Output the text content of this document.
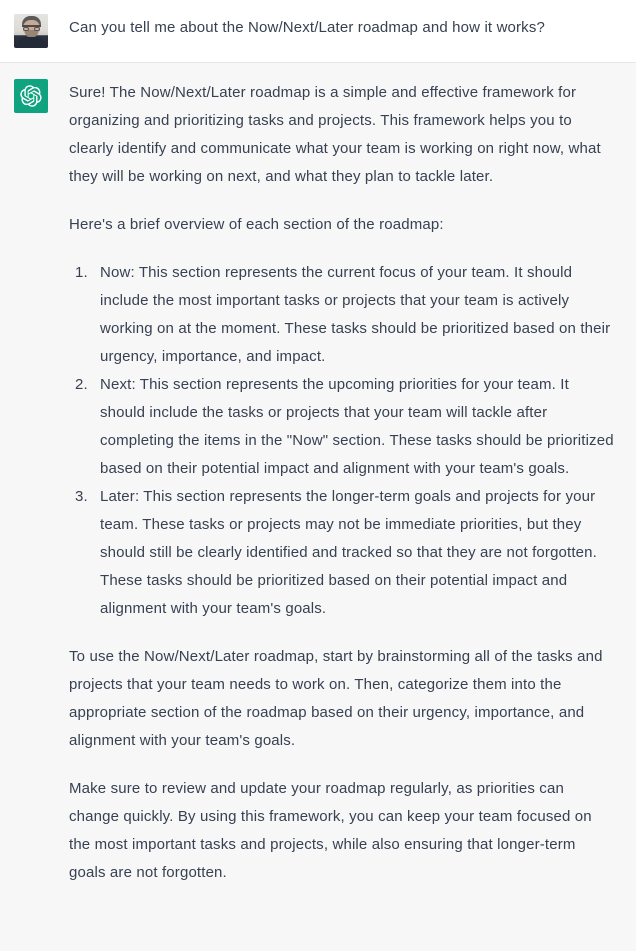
Can you tell me about the Now/Next/Later roadmap and how it works?

Sure! The Now/Next/Later roadmap is a simple and effective framework for organizing and prioritizing tasks and projects. This framework helps you to clearly identify and communicate what your team is working on right now, what they will be working on next, and what they plan to tackle later.

Here's a brief overview of each section of the roadmap:

Now: This section represents the current focus of your team. It should include the most important tasks or projects that your team is actively working on at the moment. These tasks should be prioritized based on their urgency, importance, and impact.
Next: This section represents the upcoming priorities for your team. It should include the tasks or projects that your team will tackle after completing the items in the "Now" section. These tasks should be prioritized based on their potential impact and alignment with your team's goals.
Later: This section represents the longer-term goals and projects for your team. These tasks or projects may not be immediate priorities, but they should still be clearly identified and tracked so that they are not forgotten. These tasks should be prioritized based on their potential impact and alignment with your team's goals.

To use the Now/Next/Later roadmap, start by brainstorming all of the tasks and projects that your team needs to work on. Then, categorize them into the appropriate section of the roadmap based on their urgency, importance, and alignment with your team's goals.

Make sure to review and update your roadmap regularly, as priorities can change quickly. By using this framework, you can keep your team focused on the most important tasks and projects, while also ensuring that longer-term goals are not forgotten.
